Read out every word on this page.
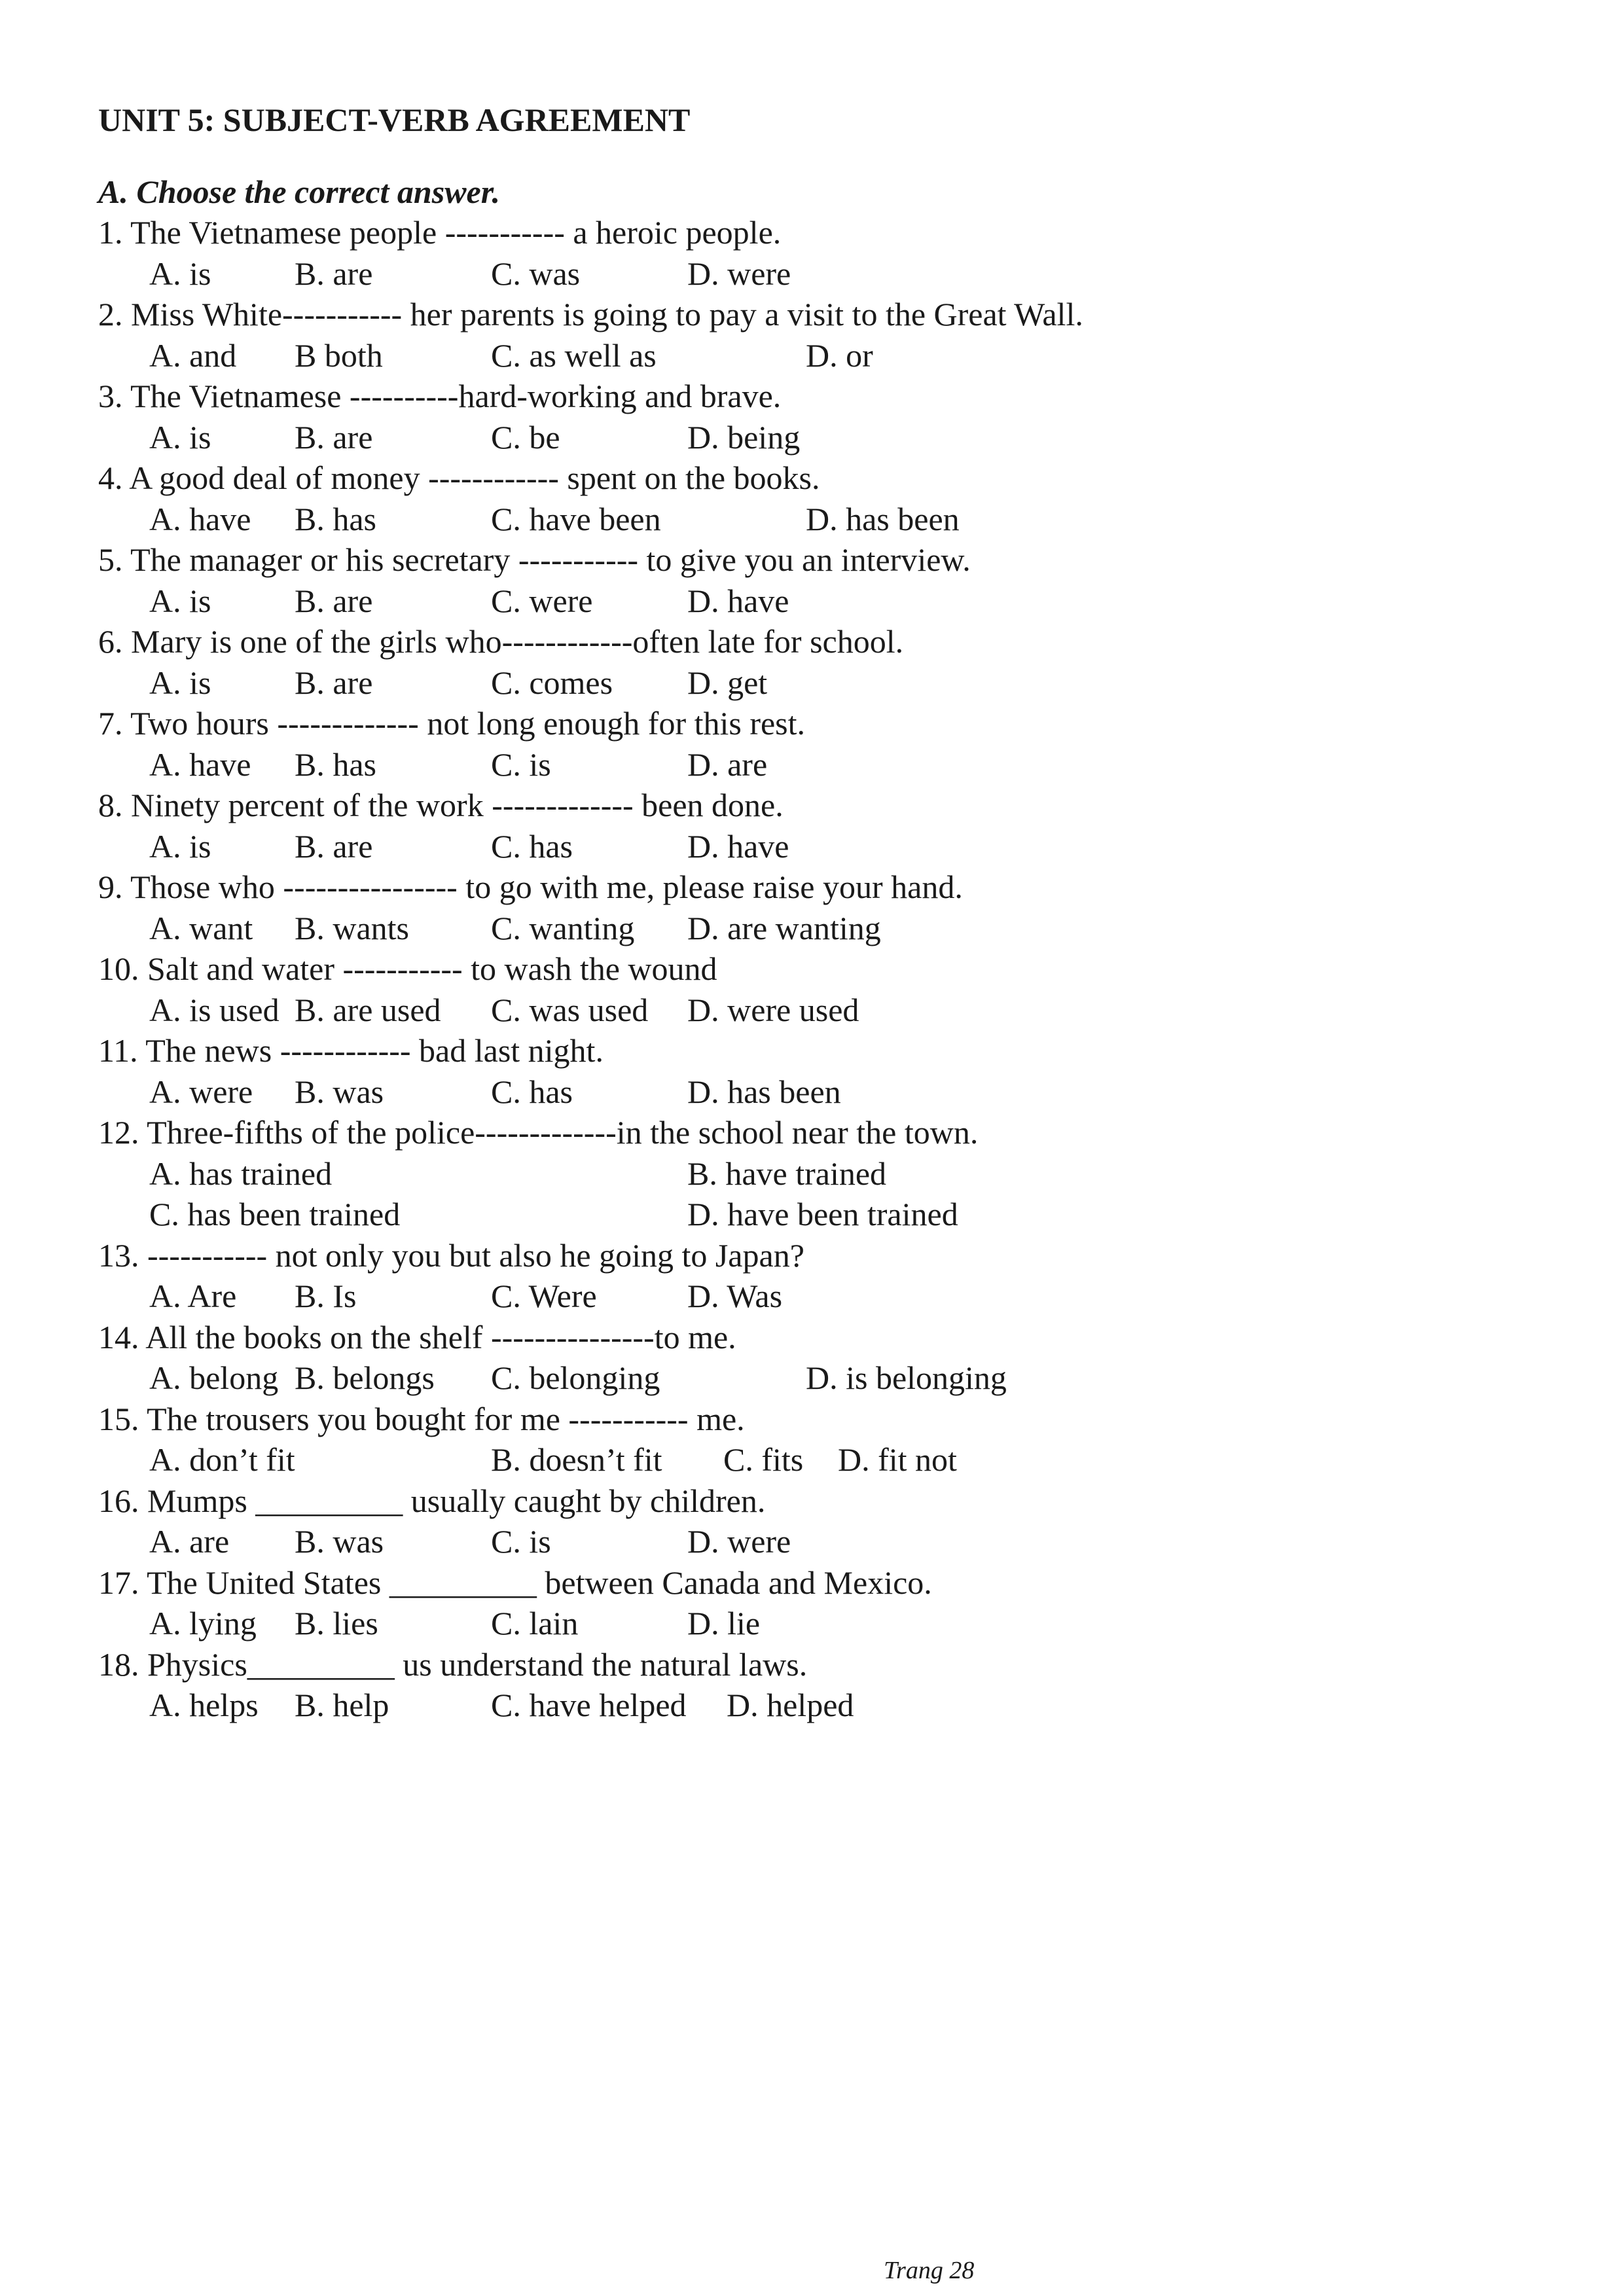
UNIT 5: SUBJECT-VERB AGREEMENT
A. Choose the correct answer.
1. The Vietnamese people ----------- a heroic people.
A. is	B. are	C. was	D. were
2. Miss White----------- her parents is going to pay a visit to the Great Wall.
A. and B both	C. as well as	D. or
3. The Vietnamese ----------hard-working and brave.
A. is	B. are	C. be	D. being
4. A good deal of money ------------ spent on the books.
A. have B. has	C. have been	D. has been
5. The manager or his secretary ----------- to give you an interview.
A. is	B. are	C. were	D. have
6. Mary is one of the girls who------------often late for school.
A. is	B. are	C. comes D. get
7. Two hours ------------- not long enough for this rest.
A. have B. has	C. is	D. are
8. Ninety percent of the work ------------- been done.
A. is	B. are	C. has	D. have
9. Those who ---------------- to go with me, please raise your hand.
A. want B. wants	C. wanting D. are wanting
10. Salt and water ----------- to wash the wound
A. is used B. are used C. was used D. were used
11. The news ------------ bad last night.
A. were B. was	C. has	D. has been
12. Three-fifths of the police-------------in the school near the town.
A. has trained	B. have trained
C. has been trained	D. have been trained
13. ----------- not only you but also he going to Japan?
A. Are B. Is	C. Were	D. Was
14. All the books on the shelf ---------------to me.
A. belong B. belongs C. belonging	D. is belonging
15. The trousers you bought for me ----------- me.
A. don’t fit	B. doesn’t fit C. fits D. fit not
16. Mumps _________ usually caught by children.
A. are B. was	C. is	D. were
17. The United States _________ between Canada and Mexico.
A. lying B. lies	C. lain	D. lie
18. Physics_________ us understand the natural laws.
A. helps B. help	C. have helped D. helped
Trang 28
